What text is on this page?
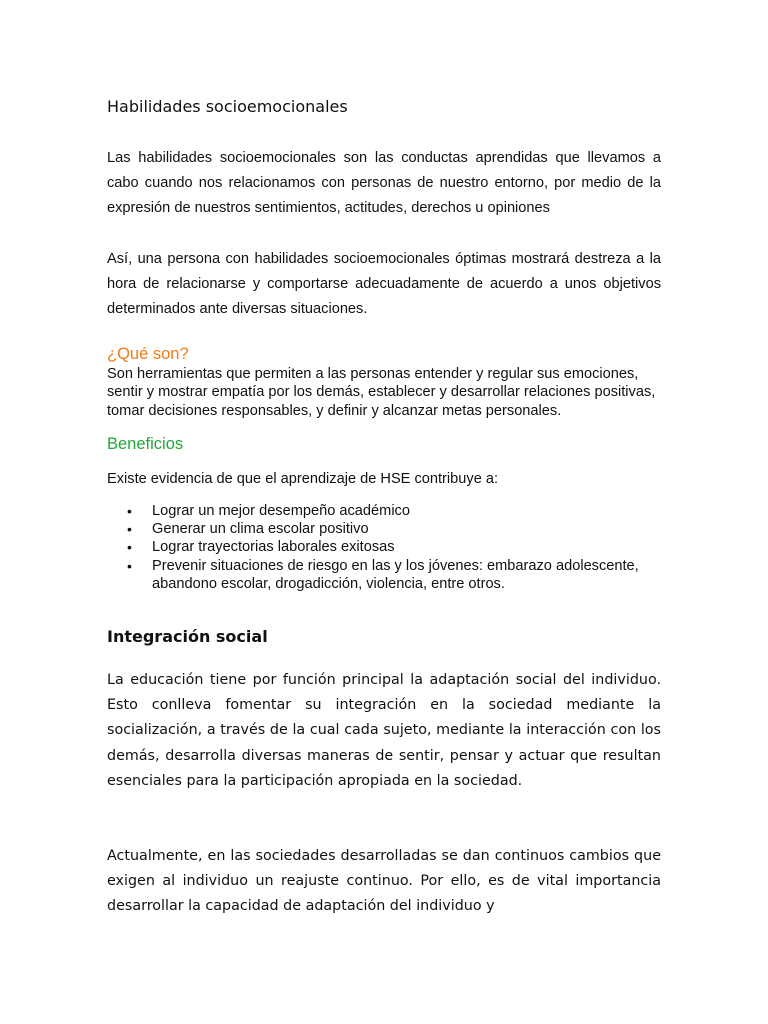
Habilidades socioemocionales

Las habilidades socioemocionales son las conductas aprendidas que llevamos a cabo cuando nos relacionamos con personas de nuestro entorno, por medio de la expresión de nuestros sentimientos, actitudes, derechos u opiniones

Así, una persona con habilidades socioemocionales óptimas mostrará destreza a la hora de relacionarse y comportarse adecuadamente de acuerdo a unos objetivos determinados ante diversas situaciones.

¿Qué son?

Son herramientas que permiten a las personas entender y regular sus emociones, sentir y mostrar empatía por los demás, establecer y desarrollar relaciones positivas, tomar decisiones responsables, y definir y alcanzar metas personales.

Beneficios

Existe evidencia de que el aprendizaje de HSE contribuye a:

• Lograr un mejor desempeño académico
• Generar un clima escolar positivo
• Lograr trayectorias laborales exitosas
• Prevenir situaciones de riesgo en las y los jóvenes: embarazo adolescente, abandono escolar, drogadicción, violencia, entre otros.
Integración social

La educación tiene por función principal la adaptación social del individuo. Esto conlleva fomentar su integración en la sociedad mediante la socialización, a través de la cual cada sujeto, mediante la interacción con los demás, desarrolla diversas maneras de sentir, pensar y actuar que resultan esenciales para la participación apropiada en la sociedad.

Actualmente, en las sociedades desarrolladas se dan continuos cambios que exigen al individuo un reajuste continuo. Por ello, es de vital importancia desarrollar la capacidad de adaptación del individuo y
